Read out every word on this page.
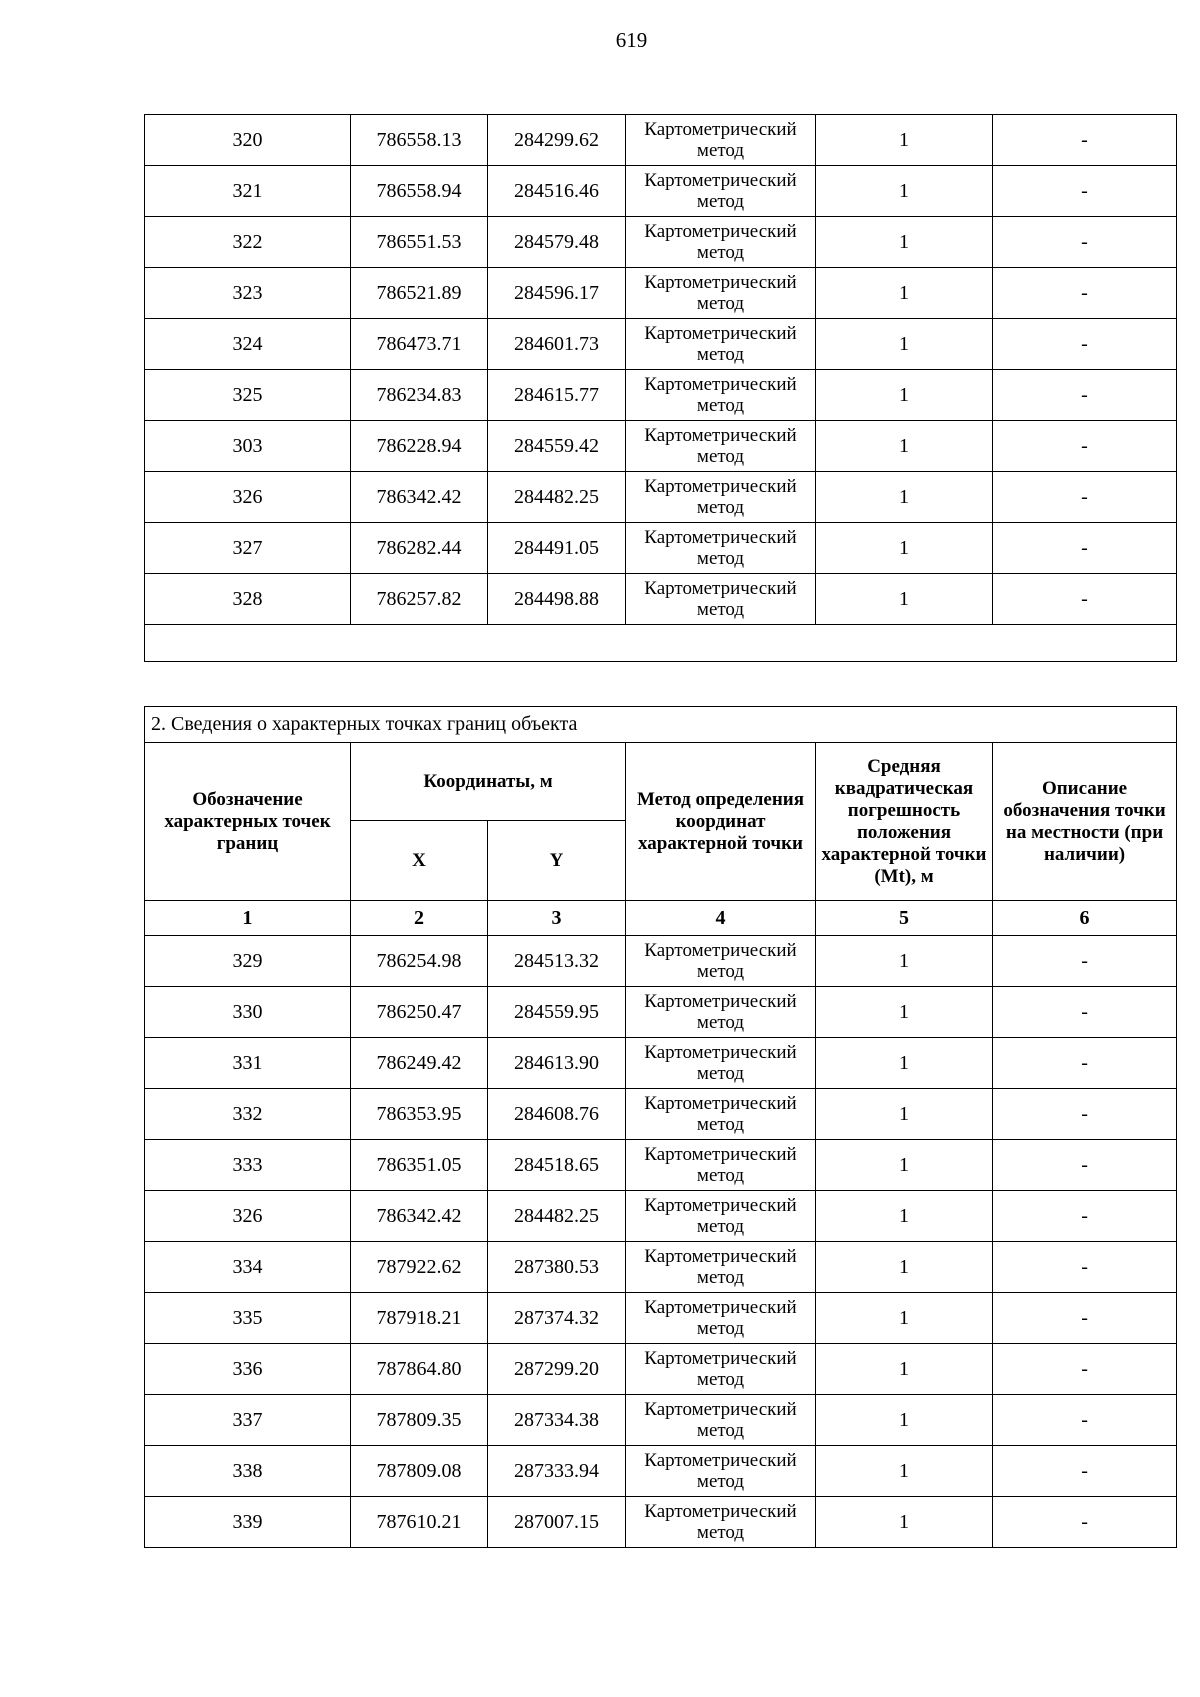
619
320	786558.13	284299.62	Картометрический метод	1	-
321	786558.94	284516.46	Картометрический метод	1	-
322	786551.53	284579.48	Картометрический метод	1	-
323	786521.89	284596.17	Картометрический метод	1	-
324	786473.71	284601.73	Картометрический метод	1	-
325	786234.83	284615.77	Картометрический метод	1	-
303	786228.94	284559.42	Картометрический метод	1	-
326	786342.42	284482.25	Картометрический метод	1	-
327	786282.44	284491.05	Картометрический метод	1	-
328	786257.82	284498.88	Картометрический метод	1	-

2. Сведения о характерных точках границ объекта					
Обозначение характерных точек границ	Координаты, м		Метод определения координат характерной точки	Средняя квадратическая погрешность положения характерной точки (Mt), м	Описание обозначения точки на местности (при наличии)
	X	Y			
1	2	3	4	5	6
329	786254.98	284513.32	Картометрический метод	1	-
330	786250.47	284559.95	Картометрический метод	1	-
331	786249.42	284613.90	Картометрический метод	1	-
332	786353.95	284608.76	Картометрический метод	1	-
333	786351.05	284518.65	Картометрический метод	1	-
326	786342.42	284482.25	Картометрический метод	1	-
334	787922.62	287380.53	Картометрический метод	1	-
335	787918.21	287374.32	Картометрический метод	1	-
336	787864.80	287299.20	Картометрический метод	1	-
337	787809.35	287334.38	Картометрический метод	1	-
338	787809.08	287333.94	Картометрический метод	1	-
339	787610.21	287007.15	Картометрический метод	1	-
